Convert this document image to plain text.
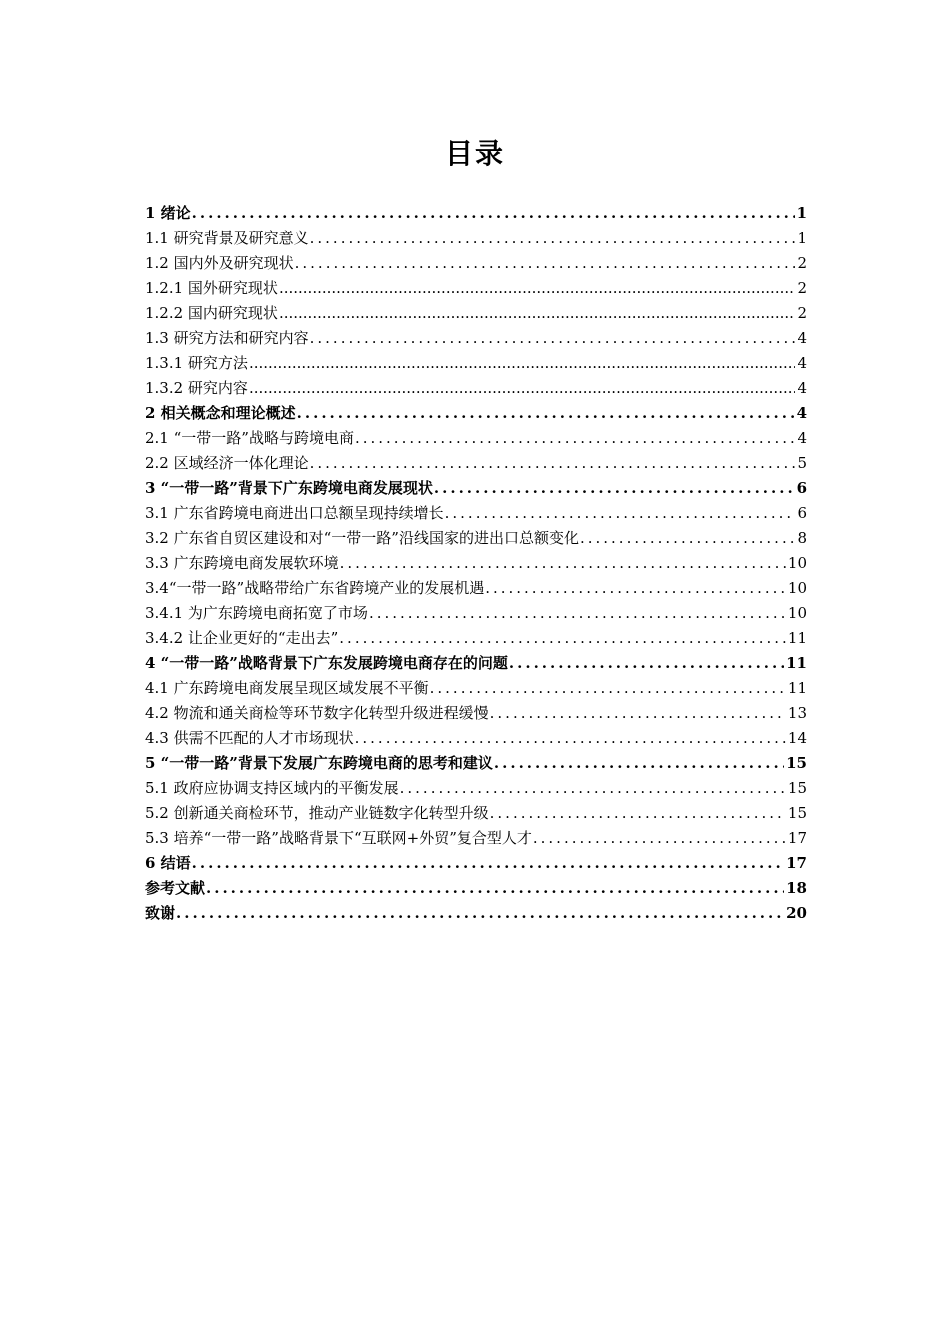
目录
1 绪论 .....	1
1.1 研究背景及研究意义 .....	1
1.2 国内外及研究现状 .....	2
1.2.1 国外研究现状 .....	2
1.2.2 国内研究现状 .....	2
1.3 研究方法和研究内容 .....	4
1.3.1 研究方法 .....	4
1.3.2 研究内容 .....	4
2 相关概念和理论概述 .....	4
2.1 “一带一路”战略与跨境电商 .....	4
2.2 区域经济一体化理论 .....	5
3 “一带一路”背景下广东跨境电商发展现状 .....	6
3.1 广东省跨境电商进出口总额呈现持续增长 .....	6
3.2 广东省自贸区建设和对“一带一路”沿线国家的进出口总额变化 .....	8
3.3 广东跨境电商发展软环境 .....	10
3.4“一带一路”战略带给广东省跨境产业的发展机遇 .....	10
3.4.1 为广东跨境电商拓宽了市场 .....	10
3.4.2 让企业更好的“走出去” .....	11
4 “一带一路”战略背景下广东发展跨境电商存在的问题 .....	11
4.1 广东跨境电商发展呈现区域发展不平衡 .....	11
4.2 物流和通关商检等环节数字化转型升级进程缓慢 .....	13
4.3 供需不匹配的人才市场现状 .....	14
5 “一带一路”背景下发展广东跨境电商的思考和建议 .....	15
5.1 政府应协调支持区域内的平衡发展 .....	15
5.2 创新通关商检环节，推动产业链数字化转型升级 .....	15
5.3 培养“一带一路”战略背景下“互联网+外贸”复合型人才 .....	17
6 结语 .....	17
参考文献 .....	18
致谢 .....	20
